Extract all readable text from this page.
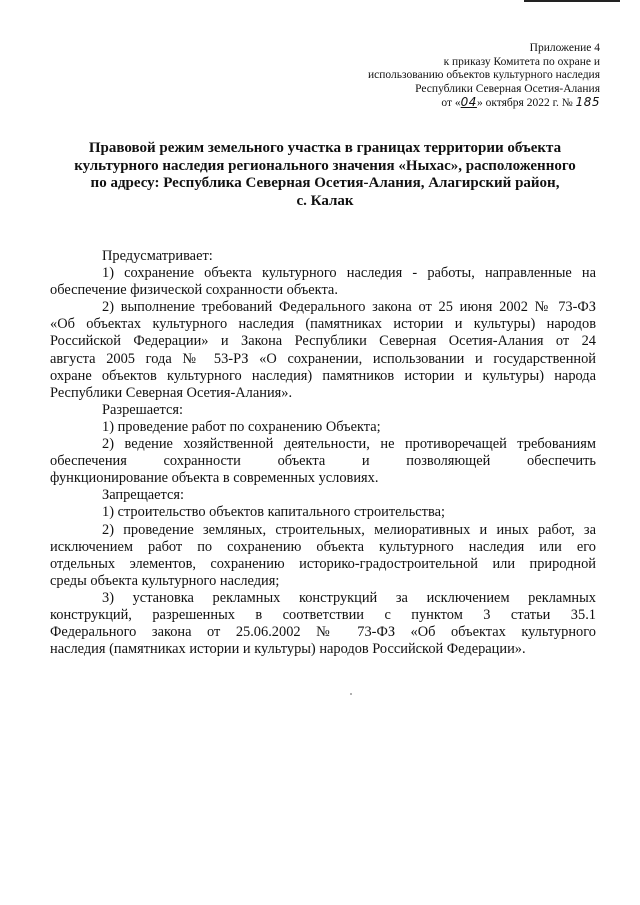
Приложение 4
к приказу Комитета по охране и
использованию объектов культурного наследия
Республики Северная Осетия-Алания
от «04» октября 2022 г. № 185
Правовой режим земельного участка в границах территории объекта
культурного наследия регионального значения «Ныхас», расположенного
по адресу: Республика Северная Осетия-Алания, Алагирский район,
с. Калак

Предусматривает:

1) сохранение объекта культурного наследия - работы, направленные на
обеспечение физической сохранности объекта.

2) выполнение требований Федерального закона от 25 июня 2002 № 73-ФЗ
«Об объектах культурного наследия (памятниках истории и культуры) народов
Российской Федерации» и Закона Республики Северная Осетия-Алания от 24
августа 2005 года № 53-РЗ «О сохранении, использовании и государственной
охране объектов культурного наследия) памятников истории и культуры) народа
Республики Северная Осетия-Алания».

Разрешается:

1) проведение работ по сохранению Объекта;

2) ведение хозяйственной деятельности, не противоречащей требованиям
обеспечения сохранности объекта и позволяющей обеспечить
функционирование объекта в современных условиях.

Запрещается:

1) строительство объектов капитального строительства;

2) проведение земляных, строительных, мелиоративных и иных работ, за
исключением работ по сохранению объекта культурного наследия или его
отдельных элементов, сохранению историко-градостроительной или природной
среды объекта культурного наследия;

3) установка рекламных конструкций за исключением рекламных
конструкций, разрешенных в соответствии с пунктом 3 статьи 35.1
Федерального закона от 25.06.2002 № 73-ФЗ «Об объектах культурного
наследия (памятниках истории и культуры) народов Российской Федерации».
